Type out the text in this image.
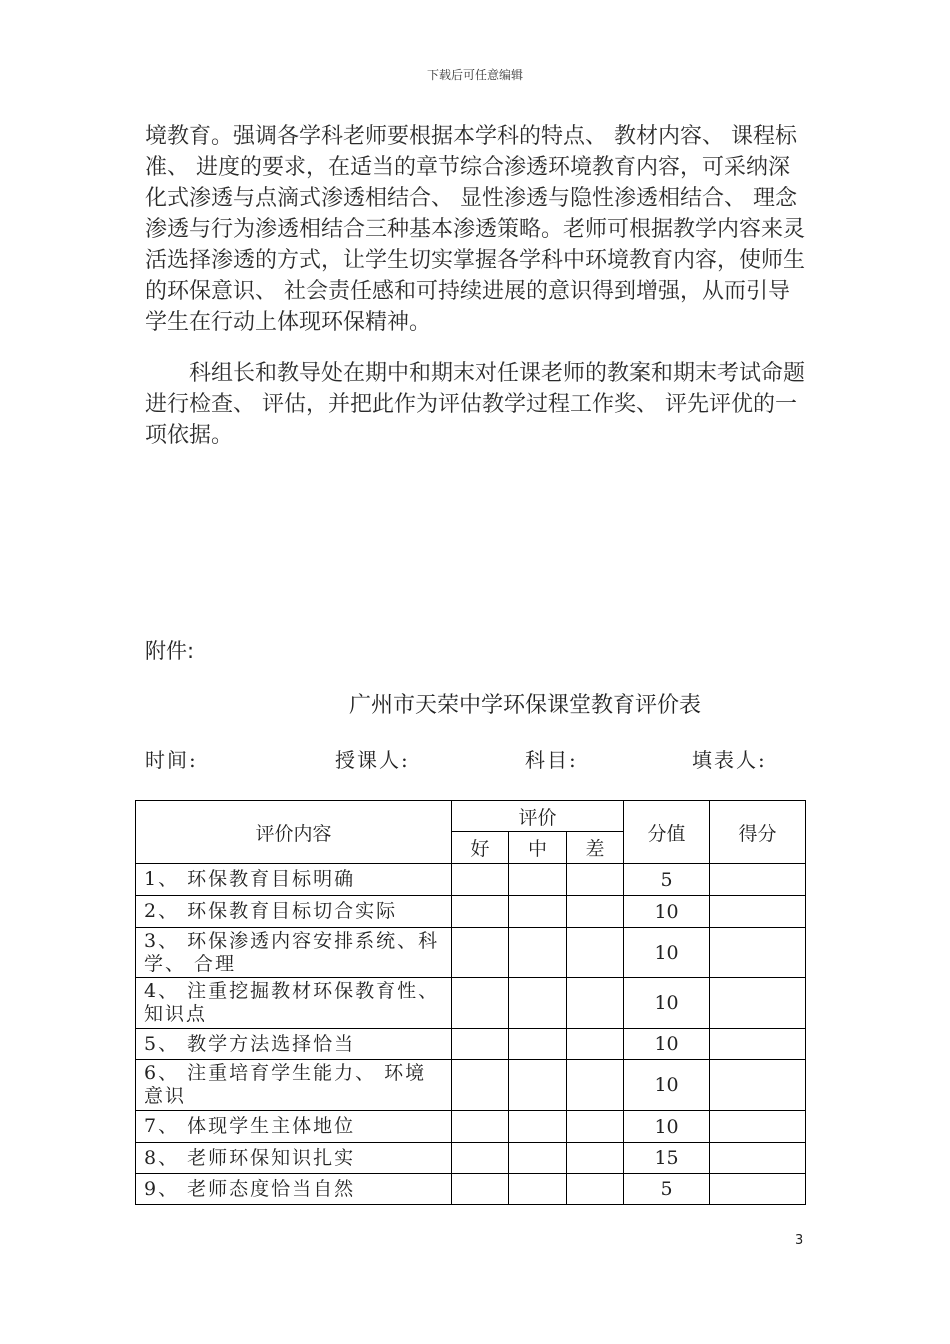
下载后可任意编辑

境教育。强调各学科老师要根据本学科的特点、 教材内容、 课程标准、 进度的要求，在适当的章节综合渗透环境教育内容，可采纳深化式渗透与点滴式渗透相结合、 显性渗透与隐性渗透相结合、 理念渗透与行为渗透相结合三种基本渗透策略。老师可根据教学内容来灵活选择渗透的方式，让学生切实掌握各学科中环境教育内容，使师生的环保意识、 社会责任感和可持续进展的意识得到增强，从而引导学生在行动上体现环保精神。

科组长和教导处在期中和期末对任课老师的教案和期末考试命题进行检查、 评估，并把此作为评估教学过程工作奖、 评先评优的一项依据。

附件:
广州市天荣中学环保课堂教育评价表
时间:	授课人:	科目:	填表人:
评价内容	评价			分值	得分
	好	中	差		
1、 环保教育目标明确				5	
2、 环保教育目标切合实际				10	
3、 环保渗透内容安排系统、科学、 合理				10	
4、 注重挖掘教材环保教育性、 知识点				10	
5、 教学方法选择恰当				10	
6、 注重培育学生能力、 环境意识				10	
7、 体现学生主体地位				10	
8、 老师环保知识扎实				15	
9、 老师态度恰当自然				5	
3
